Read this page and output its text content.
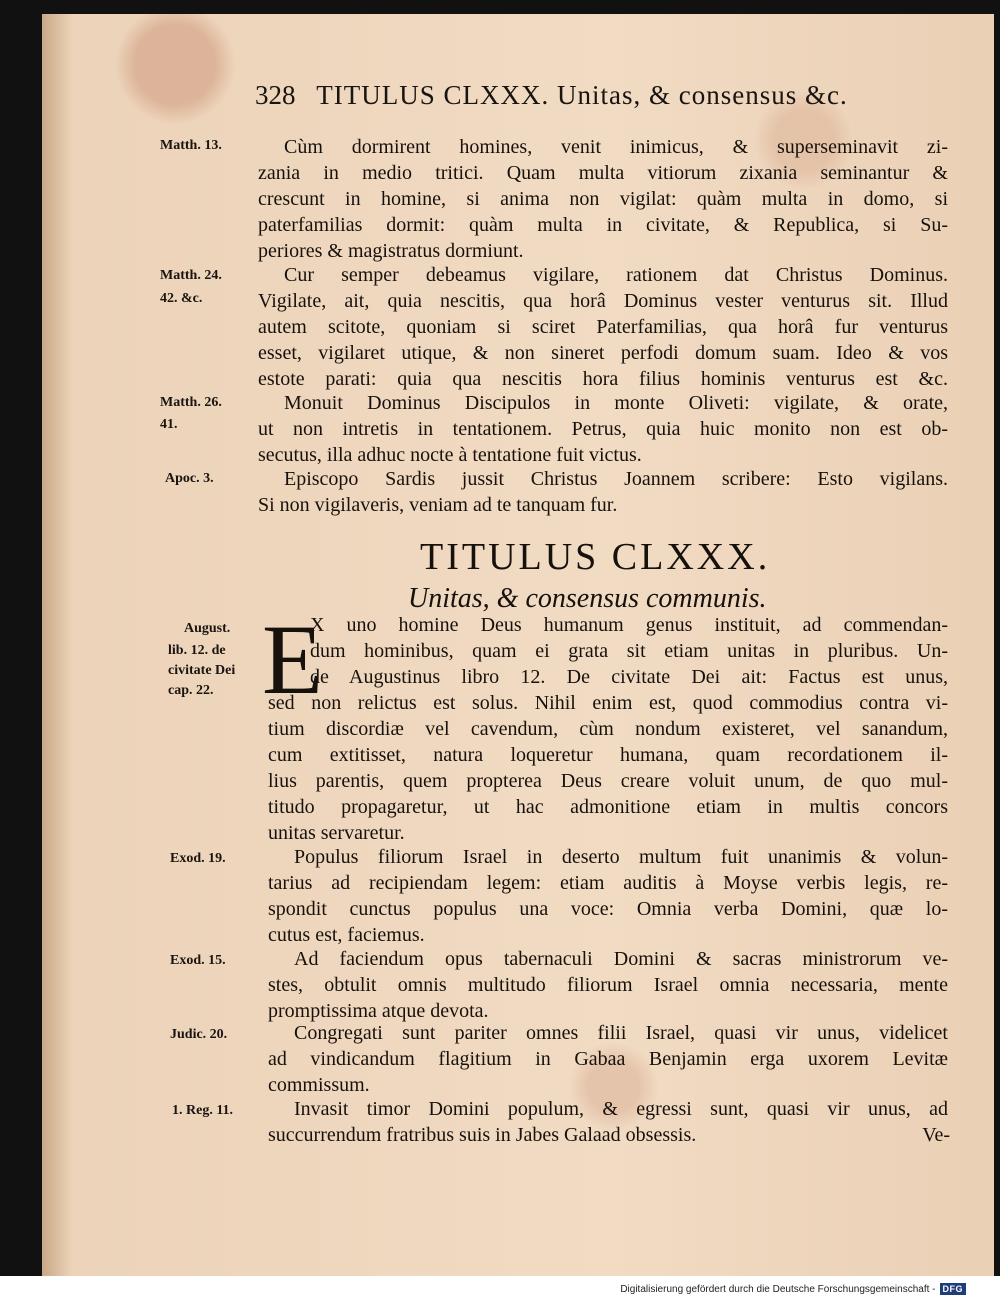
328 TITULUS CLXXX. Unitas, & consensus &c.
Matth. 13.
Matth. 24.
42. &c.
Matth. 26.
41.
Apoc. 3.
Cùm dormirent homines, venit inimicus, & superseminavit zi-
zania in medio tritici. Quam multa vitiorum zixania seminantur &
crescunt in homine, si anima non vigilat: quàm multa in domo, si
paterfamilias dormit: quàm multa in civitate, & Republica, si Su-
periores & magistratus dormiunt.
Cur semper debeamus vigilare, rationem dat Christus Dominus.
Vigilate, ait, quia nescitis, qua horâ Dominus vester venturus sit. Illud
autem scitote, quoniam si sciret Paterfamilias, qua horâ fur venturus
esset, vigilaret utique, & non sineret perfodi domum suam. Ideo & vos
estote parati: quia qua nescitis hora filius hominis venturus est &c.
Monuit Dominus Discipulos in monte Oliveti: vigilate, & orate,
ut non intretis in tentationem. Petrus, quia huic monito non est ob-
secutus, illa adhuc nocte à tentatione fuit victus.
Episcopo Sardis jussit Christus Joannem scribere: Esto vigilans.
Si non vigilaveris, veniam ad te tanquam fur.
TITULUS CLXXX.
Unitas, & consensus communis.
August.
lib. 12. de
civitate Dei
cap. 22. E
X uno homine Deus humanum genus instituit, ad commendan-
dum hominibus, quam ei grata sit etiam unitas in pluribus. Un-
de Augustinus libro 12. De civitate Dei ait: Factus est unus,
sed non relictus est solus. Nihil enim est, quod commodius contra vi-
tium discordiæ vel cavendum, cùm nondum existeret, vel sanandum,
cum extitisset, natura loqueretur humana, quam recordationem il-
lius parentis, quem propterea Deus creare voluit unum, de quo mul-
titudo propagaretur, ut hac admonitione etiam in multis concors
unitas servaretur.
Exod. 19.	Populus filiorum Israel in deserto multum fuit unanimis & volun-
tarius ad recipiendam legem: etiam auditis à Moyse verbis legis, re-
spondit cunctus populus una voce: Omnia verba Domini, quæ lo-
cutus est, faciemus.
Exod. 15.	Ad faciendum opus tabernaculi Domini & sacras ministrorum ve-
stes, obtulit omnis multitudo filiorum Israel omnia necessaria, mente
promptissima atque devota.
Judic. 20.	Congregati sunt pariter omnes filii Israel, quasi vir unus, videlicet
ad vindicandum flagitium in Gabaa Benjamin erga uxorem Levitæ
commissum.
1. Reg. 11.	Invasit timor Domini populum, & egressi sunt, quasi vir unus, ad
succurrendum fratribus suis in Jabes Galaad obsessis.	Ve-
Digitalisierung gefördert durch die Deutsche Forschungsgemeinschaft - DFG
